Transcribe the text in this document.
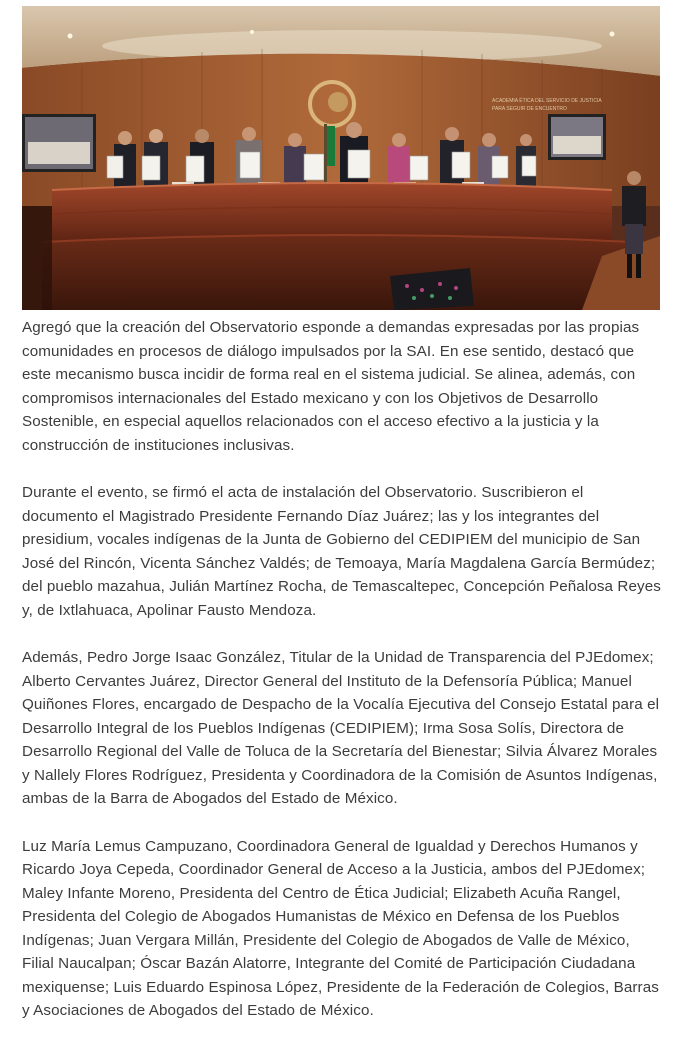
ACADEMIA ÉTICA DEL SERVICIO DE JUSTICIA
PARA SEGUIR DE ENCUENTRO

Agregó que la creación del Observatorio esponde a demandas expresadas por las propias comunidades en procesos de diálogo impulsados por la SAI. En ese sentido, destacó que este mecanismo busca incidir de forma real en el sistema judicial. Se alinea, además, con compromisos internacionales del Estado mexicano y con los Objetivos de Desarrollo Sostenible, en especial aquellos relacionados con el acceso efectivo a la justicia y la construcción de instituciones inclusivas.

Durante el evento, se firmó el acta de instalación del Observatorio. Suscribieron el documento el Magistrado Presidente Fernando Díaz Juárez; las y los integrantes del presidium, vocales indígenas de la Junta de Gobierno del CEDIPIEM del municipio de San José del Rincón, Vicenta Sánchez Valdés; de Temoaya, María Magdalena García Bermúdez; del pueblo mazahua, Julián Martínez Rocha, de Temascaltepec, Concepción Peñalosa Reyes y, de Ixtlahuaca, Apolinar Fausto Mendoza.

Además, Pedro Jorge Isaac González, Titular de la Unidad de Transparencia del PJEdomex; Alberto Cervantes Juárez, Director General del Instituto de la Defensoría Pública; Manuel Quiñones Flores, encargado de Despacho de la Vocalía Ejecutiva del Consejo Estatal para el Desarrollo Integral de los Pueblos Indígenas (CEDIPIEM); Irma Sosa Solís, Directora de Desarrollo Regional del Valle de Toluca de la Secretaría del Bienestar; Silvia Álvarez Morales y Nallely Flores Rodríguez, Presidenta y Coordinadora de la Comisión de Asuntos Indígenas, ambas de la Barra de Abogados del Estado de México.

Luz María Lemus Campuzano, Coordinadora General de Igualdad y Derechos Humanos y Ricardo Joya Cepeda, Coordinador General de Acceso a la Justicia, ambos del PJEdomex; Maley Infante Moreno, Presidenta del Centro de Ética Judicial; Elizabeth Acuña Rangel, Presidenta del Colegio de Abogados Humanistas de México en Defensa de los Pueblos Indígenas; Juan Vergara Millán, Presidente del Colegio de Abogados de Valle de México, Filial Naucalpan; Óscar Bazán Alatorre, Integrante del Comité de Participación Ciudadana mexiquense; Luis Eduardo Espinosa López, Presidente de la Federación de Colegios, Barras y Asociaciones de Abogados del Estado de México.
